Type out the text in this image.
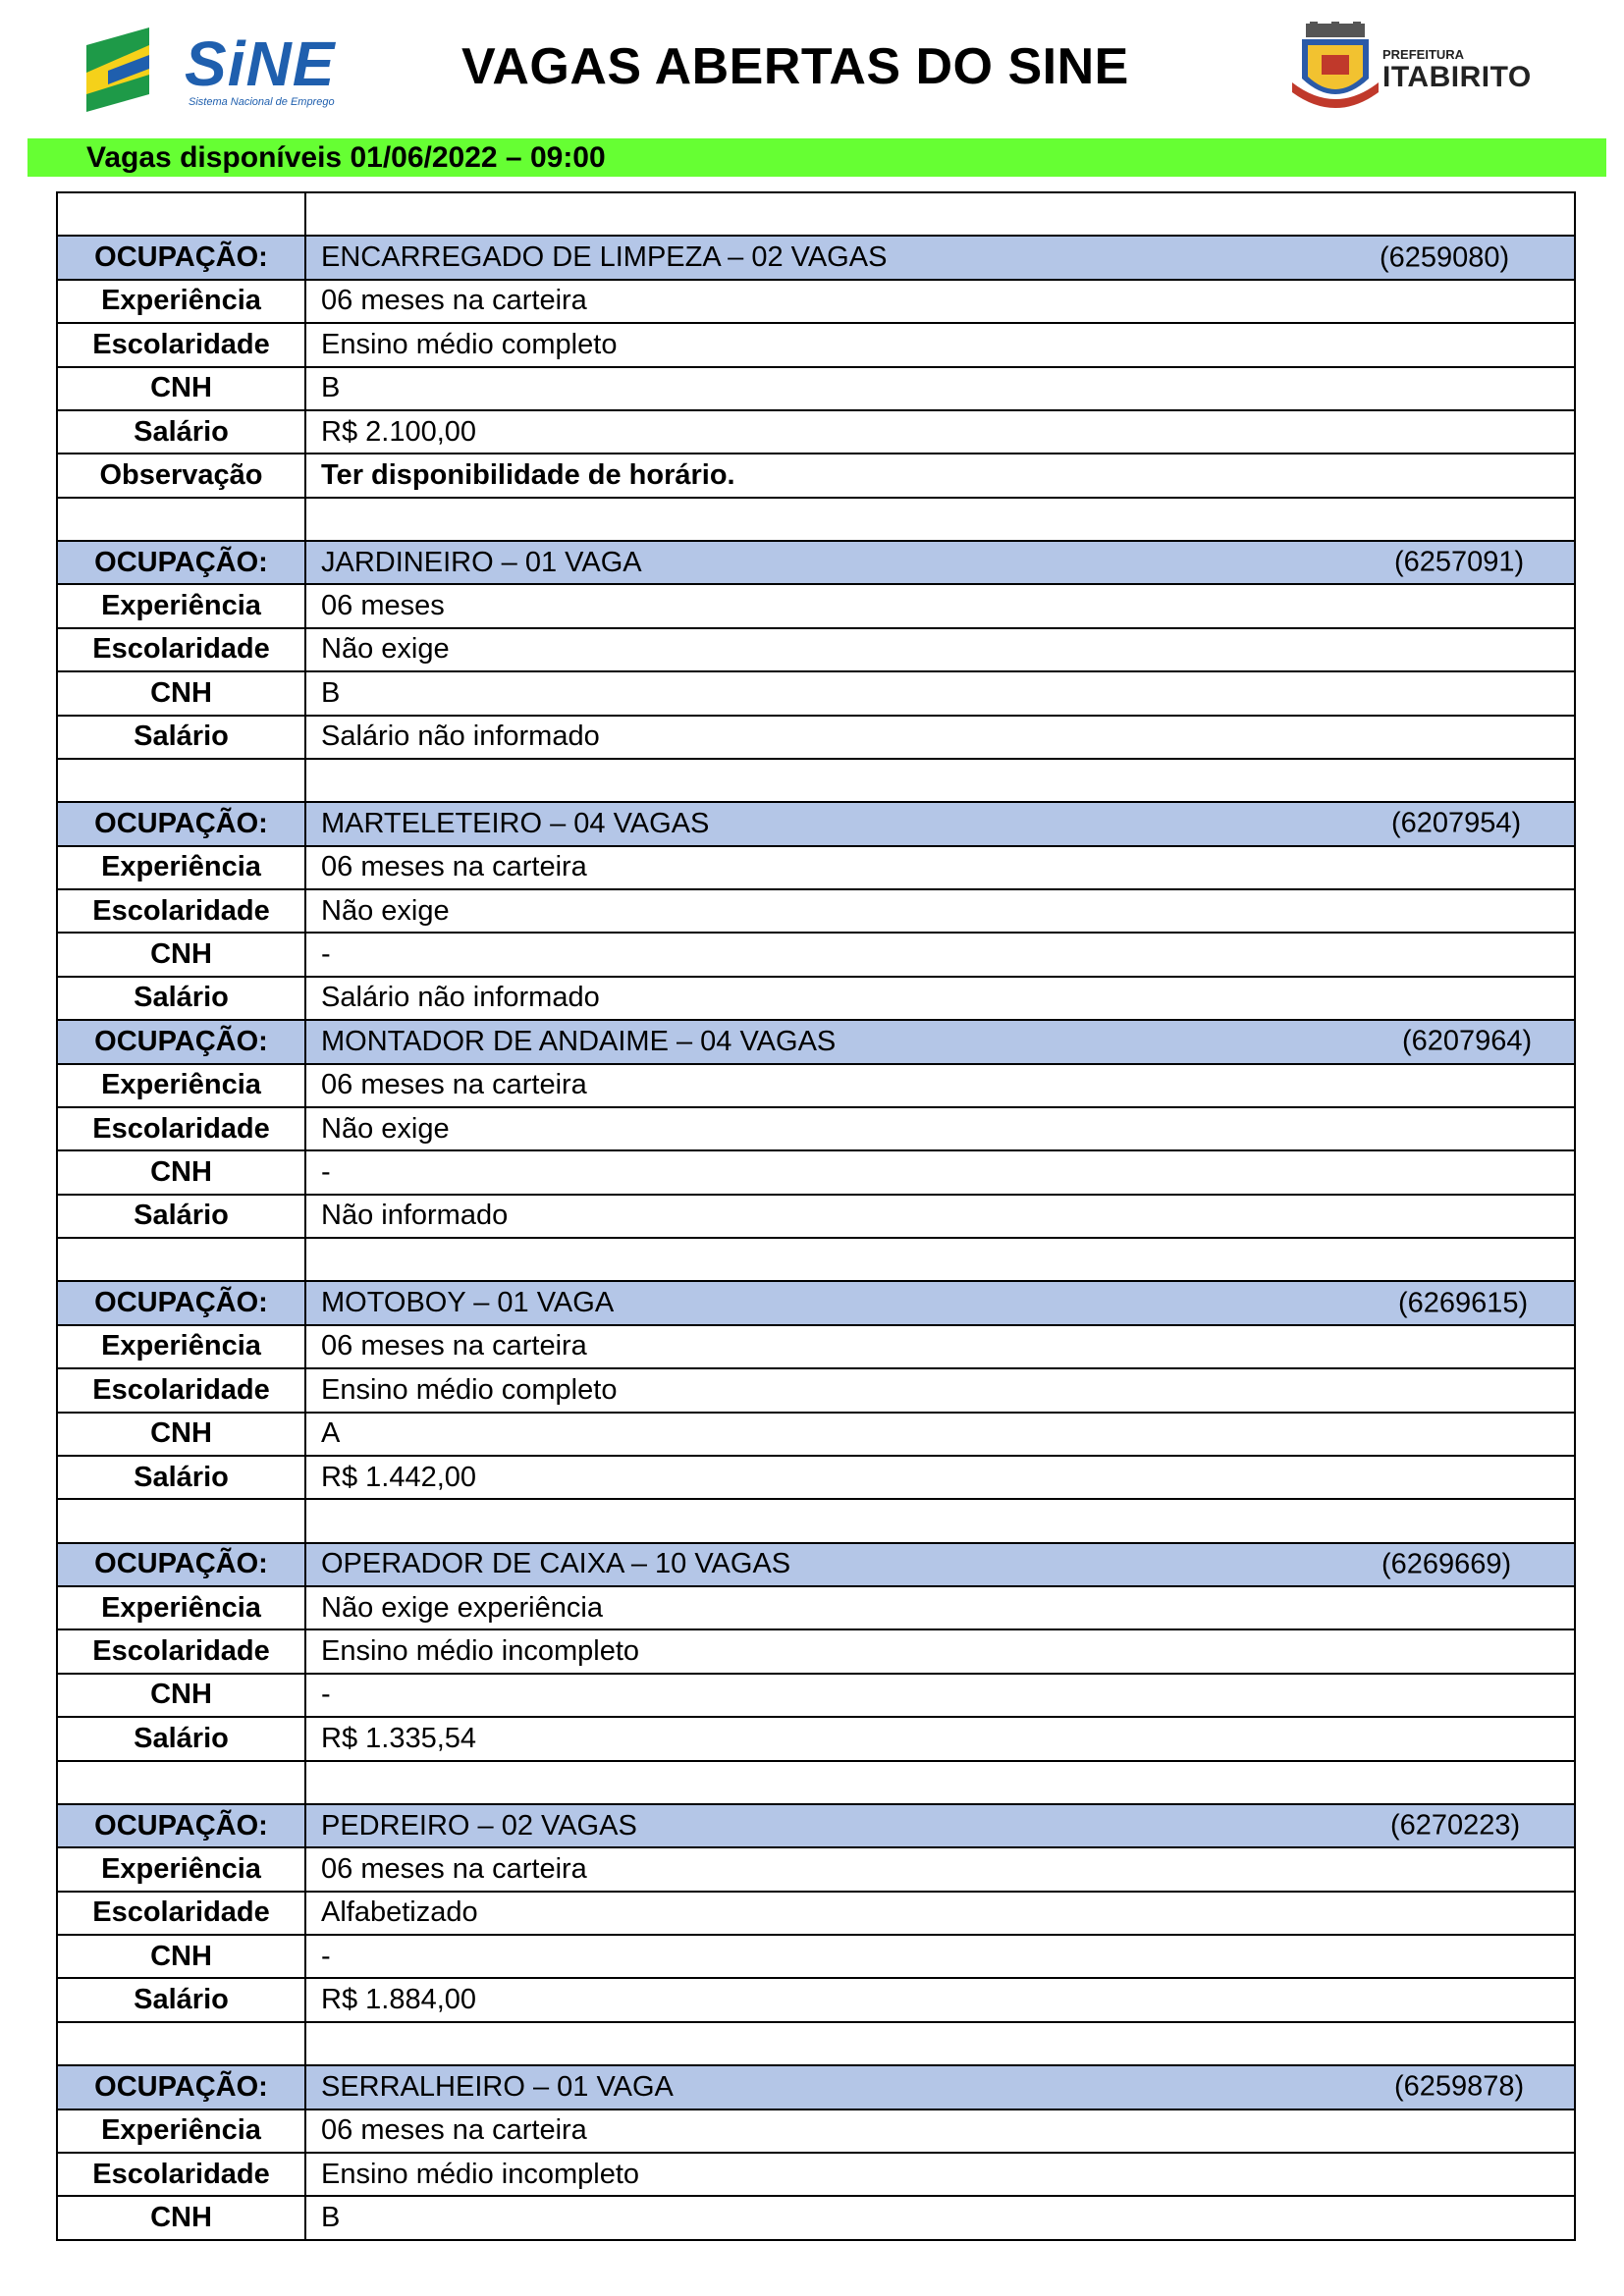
SiNE
Sistema Nacional de Emprego
VAGAS ABERTAS DO SINE	PREFEITURA
ITABIRITO
Vagas disponíveis 01/06/2022 – 09:00

OCUPAÇÃO:	ENCARREGADO DE LIMPEZA – 02 VAGAS (6259080)

Experiência	06 meses na carteira
Escolaridade	Ensino médio completo
CNH	B
Salário	R$ 2.100,00
Observação	Ter disponibilidade de horário.

OCUPAÇÃO:	JARDINEIRO – 01 VAGA (6257091)

Experiência	06 meses
Escolaridade	Não exige
CNH	B
Salário	Salário não informado

OCUPAÇÃO:	MARTELETEIRO – 04 VAGAS (6207954)

Experiência	06 meses na carteira
Escolaridade	Não exige
CNH	-
Salário	Salário não informado
OCUPAÇÃO:	MONTADOR DE ANDAIME – 04 VAGAS (6207964)

Experiência	06 meses na carteira
Escolaridade	Não exige
CNH	-
Salário	Não informado

OCUPAÇÃO:	MOTOBOY – 01 VAGA (6269615)

Experiência	06 meses na carteira
Escolaridade	Ensino médio completo
CNH	A
Salário	R$ 1.442,00

OCUPAÇÃO:	OPERADOR DE CAIXA – 10 VAGAS (6269669)

Experiência	Não exige experiência
Escolaridade	Ensino médio incompleto
CNH	-
Salário	R$ 1.335,54

OCUPAÇÃO:	PEDREIRO – 02 VAGAS (6270223)

Experiência	06 meses na carteira
Escolaridade	Alfabetizado
CNH	-
Salário	R$ 1.884,00

OCUPAÇÃO:	SERRALHEIRO – 01 VAGA (6259878)

Experiência	06 meses na carteira
Escolaridade	Ensino médio incompleto
CNH	B
